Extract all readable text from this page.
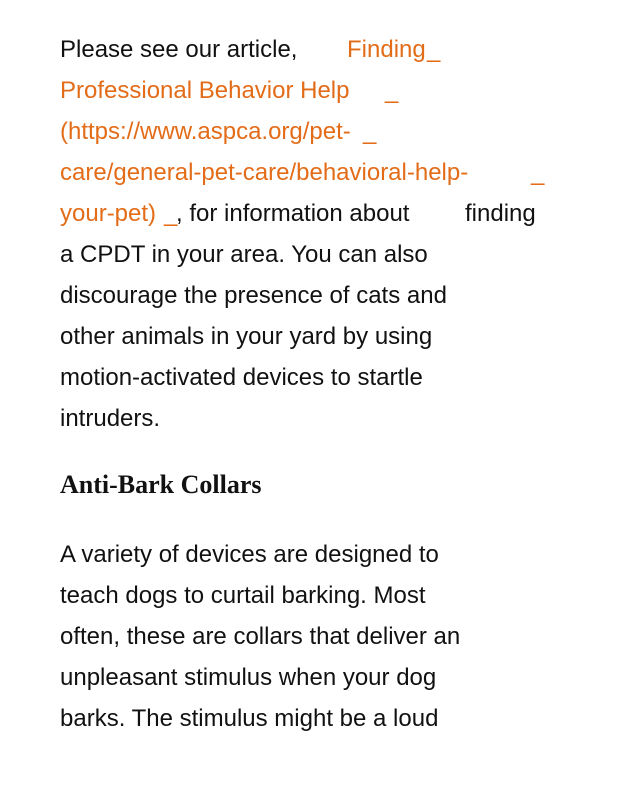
Please see our article, Finding _
Professional Behavior Help _
(https://www.aspca.org/pet- _
care/general-pet-care/behavioral-help-	_
your-pet) _
, for information about finding
a CPDT in your area. You can also
discourage the presence of cats and
other animals in your yard by using
motion-activated devices to startle
intruders.
Anti-Bark Collars
A variety of devices are designed to
teach dogs to curtail barking. Most
often, these are collars that deliver an
unpleasant stimulus when your dog
barks. The stimulus might be a loud
